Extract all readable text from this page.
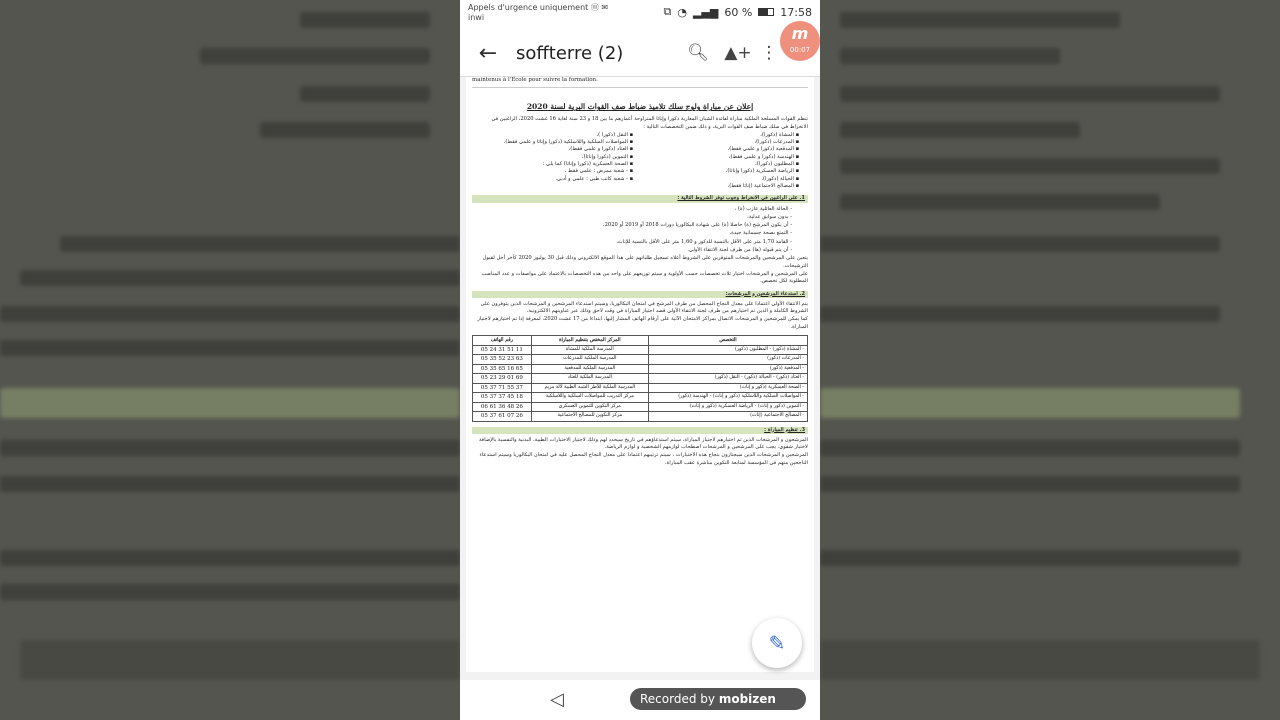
Appels d'urgence uniquement ⓜ ✉
inwi	⧉ ◔ ▂▄▆ 60 %	17:58
←	soffterre (2)	🔍︎ ▲+ ⋮
m
00:07
maintenus à l'Ecole pour suivre la formation.
إعلان عن مباراة ولوج سلك تلاميذ ضباط صف القوات البرية لسنة 2020

تنظم القوات المسلحة الملكية مباراة لفائدة الشبان المغاربة ذكورا وإناثا المتراوحة أعمارهم ما بين 18 و 23 سنة لغاية 16 غشت 2020، الراغبين في الانخراط في سلك ضباط صف القوات البرية، و ذلك ضمن التخصصات التالية :

▪ المشاة (ذكورا)،
▪ المدرعات (ذكورا)،
▪ المدفعية (ذكورا و علمي فقط)،
▪ الهندسة (ذكورا و علمي فقط)،
▪ المظليون (ذكورا)،
▪ الرياضة العسكرية (ذكورا وإناثا)،
▪ الخيالة (ذكورا)،
▪ المصالح الاجتماعية (إناثا فقط)،
▪ النقل (ذكورا )،
▪ المواصلات السلكية واللاسلكية (ذكورا وإناثا و علمي فقط)،
▪ العتاد (ذكورا و علمي فقط)،
▪ التموين (ذكورا وإناثا)،
▪ الصحة العسكرية (ذكورا وإناثا) كما يلي :
▪ - شعبة ممرض : علمي فقط ،
▪ - شعبة كاتب طبي : علمي و أدبي.
1. على الراغبين في الانخراط وجوب توفر الشروط التالية :

- الحالة العائلية عازب (ة) ،

- بدون سوابق عدلية،

- أن يكون المرشح (ة) حاصلا (ة) على شهادة البكالوريا دورات 2018 أو 2019 أو 2020،

- التمتع بصحة جسمانية جيدة،

- القامة 1,70 متر على الأقل بالنسبة للذكور و 1,60 متر على الأقل بالنسبة للإناث،

- أن يتم قبوله (ها) من طرف لجنة الانتقاء الأولي.

يتعين على المرشحين والمرشحات المتوفرين على الشروط أعلاه تسجيل طلباتهم على هذا الموقع الالكتروني وذلك قبل 30 يوليوز 2020 كآخر أجل لقبول الترشيحات.

على المرشحين و المرشحات اختيار ثلاث تخصصات حسب الأولوية و سيتم توزيعهم على واحد من هذه التخصصات بالاعتماد على مواصفات و عدد المناصب المطلوبة لكل تخصص.

2. استدعاء المرشحين و المرشحات:

يتم الانتقاء الأولي اعتمادا على معدل النجاح المحصل من طرف المرشح في امتحان البكالوريا، وسيتم استدعاء المرشحين و المرشحات الذين يتوفرون على الشروط الكاملة و الذين تم اختيارهم من طرف لجنة الانتقاء الأولي قصد اجتياز المباراة في وقت لاحق وذلك عبر عناوينهم الالكترونية.

كما يمكن للمرشحين و المرشحات الاتصال بمراكز الامتحان الآتية على أرقام الهاتف المشار إليها، ابتداءا من 17 غشت 2020، لمعرفة إذا تم اختيارهم لاجتياز المباراة.

التخصص	المركز المختص بتنظيم المباراة	رقم الهاتف
- المشاة (ذكور) - المظليون (ذكور)	المدرسة الملكية للمشاة	05 24 31 51 11
- المدرعات (ذكور)	المدرسة الملكية للمدرعات	05 35 52 23 63
- المدفعية (ذكور)	المدرسة الملكية للمدفعية	05 35 65 16 65
- العتاد (ذكور) - الخيالة (ذكور) - النقل (ذكور)	المدرسة الملكية للعتاد	05 23 29 01 69
- الصحة العسكرية (ذكور و إناث)	المدرسة الملكية للأطر الشبه الطبية لالة مريم	05 37 71 55 37
- المواصلات السلكية واللاسلكية (ذكور و إناث) - الهندسة (ذكور)	مركز التدريب للمواصلات السلكية واللاسلكية	05 37 37 45 18
- التموين (ذكور و إناث) - الرياضة العسكرية (ذكور و إناث)	مركز التكوين للتموين العسكري	06 61 36 48 26
- المصالح الاجتماعية (إناث)	مركز التكوين للمصالح الاجتماعية	05 37 61 07 26
3. تنظيم المباراة :

المرشحون و المرشحات الذين تم اختيارهم لاجتياز المباراة، سيتم استدعاؤهم في تاريخ سيحدد لهم وذلك لاجتياز الاختبارات الطبية، البدنية والنفسية بالإضافة لاختبار شفوي. يجب على المرشحين و المرشحات اصطحاب لوازمهم الشخصية و لوازم الرياضة.

المرشحين و المرشحات الذين سيجتازون بنجاح هذه الاختبارات ، سيتم ترتيبهم اعتمادا على معدل النجاح المحصل عليه في امتحان البكالوريا وسيتم استدعاء الناجحين منهم في المؤسسة لمتابعة التكوين مباشرة عقب المباراة.

✎
◁	Recorded by mobizen
